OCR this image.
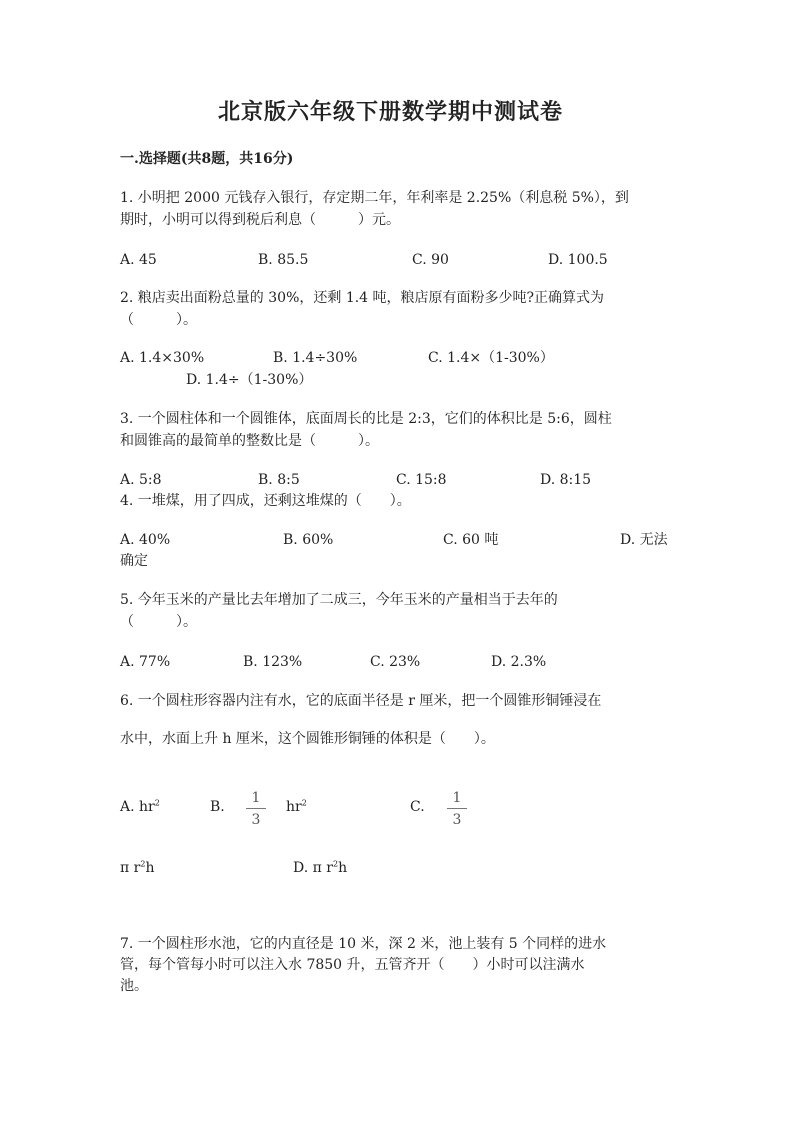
北京版六年级下册数学期中测试卷
一.选择题(共8题，共16分)
1. 小明把 2000 元钱存入银行，存定期二年，年利率是 2.25%（利息税 5%），到
期时，小明可以得到税后利息（　　　）元。
A. 45	B. 85.5	C. 90	D. 100.5
2. 粮店卖出面粉总量的 30%，还剩 1.4 吨，粮店原有面粉多少吨?正确算式为
（　　　）。
A. 1.4×30%	B. 1.4÷30%	C. 1.4×（1-30%）
D. 1.4÷（1-30%）
3. 一个圆柱体和一个圆锥体，底面周长的比是 2:3，它们的体积比是 5:6，圆柱
和圆锥高的最简单的整数比是（　　　）。
A. 5:8	B. 8:5	C. 15:8	D. 8:15
4. 一堆煤，用了四成，还剩这堆煤的（　　）。
A. 40%	B. 60%	C. 60 吨	D. 无法
确定
5. 今年玉米的产量比去年增加了二成三，今年玉米的产量相当于去年的
（　　　）。
A. 77%	B. 123%	C. 23%	D. 2.3%
6. 一个圆柱形容器内注有水，它的底面半径是 r 厘米，把一个圆锥形铜锤浸在
水中，水面上升 h 厘米，这个圆锥形铜锤的体积是（　　）。
A. $hr^2$	B.
1
3
$hr^2$	C.
1
3
π $r^2h$	D. π $r^2h$
7. 一个圆柱形水池，它的内直径是 10 米，深 2 米，池上装有 5 个同样的进水
管，每个管每小时可以注入水 7850 升，五管齐开（　　）小时可以注满水
池。
